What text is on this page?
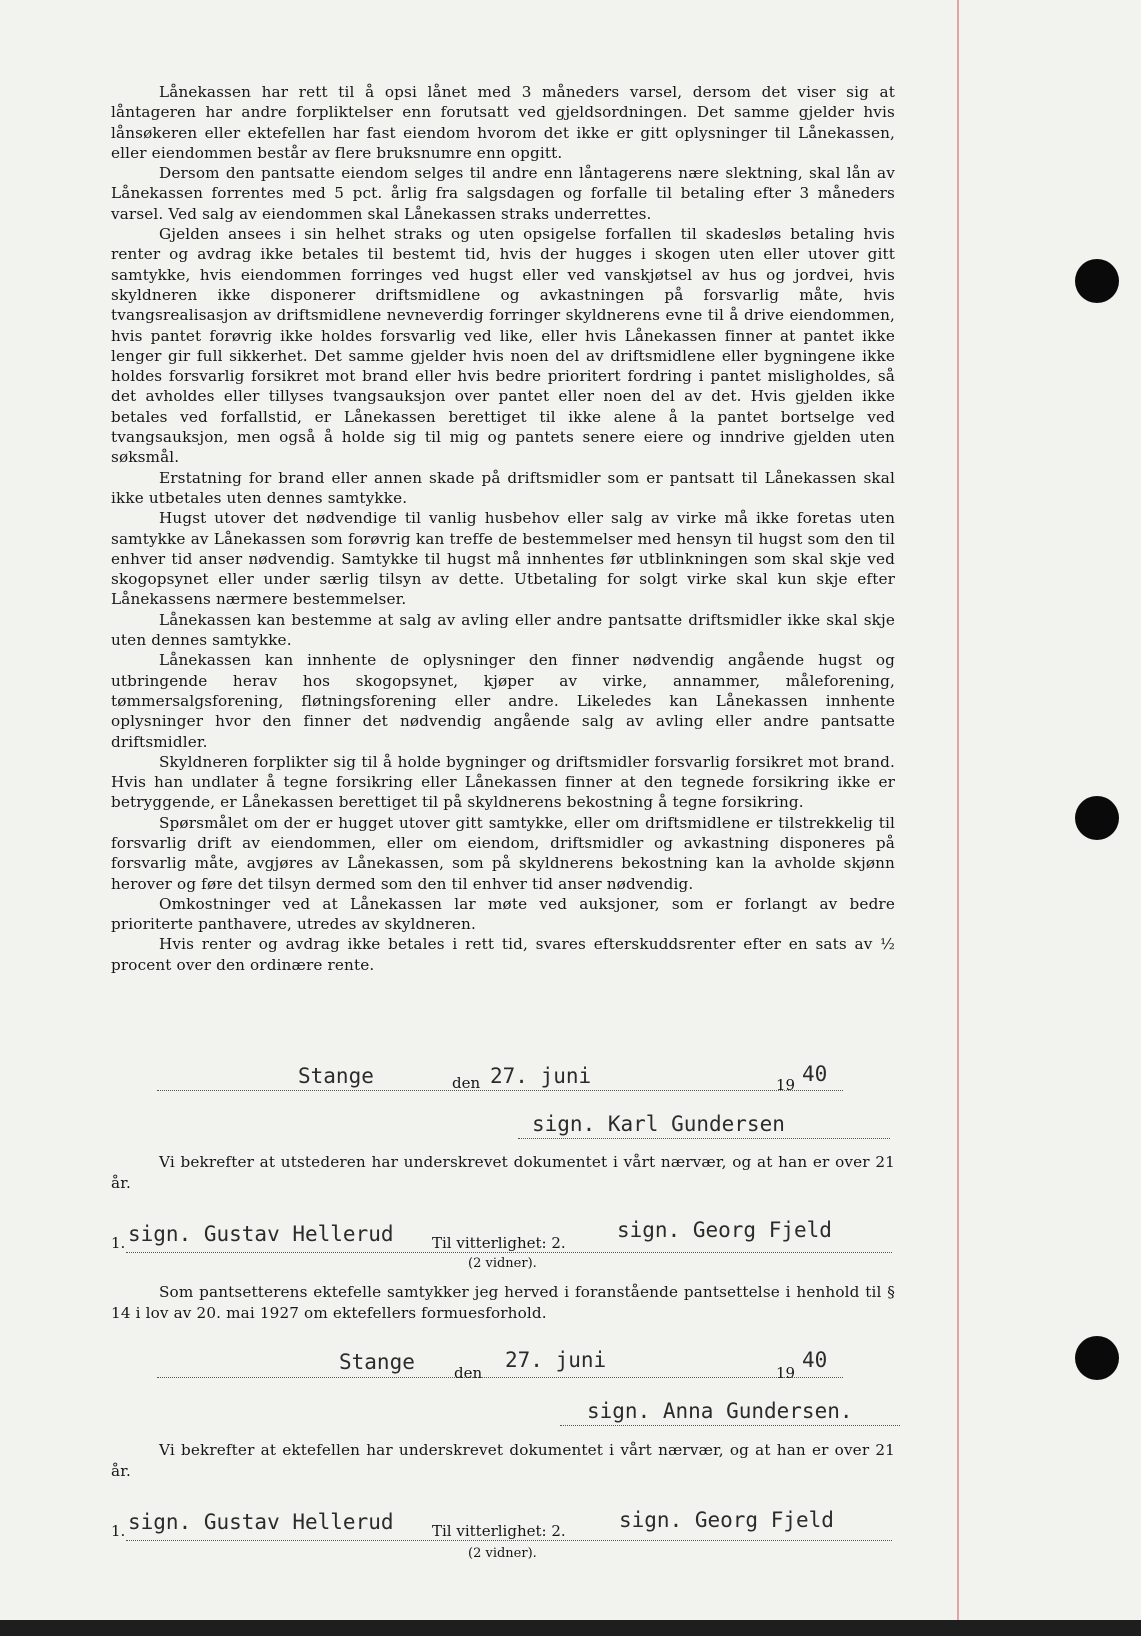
Lånekassen har rett til å opsi lånet med 3 måneders varsel, dersom det viser sig at låntageren har andre forpliktelser enn forutsatt ved gjeldsordningen. Det samme gjelder hvis lånsøkeren eller ektefellen har fast eiendom hvorom det ikke er gitt oplysninger til Lånekassen, eller eiendommen består av flere bruksnumre enn opgitt.

Dersom den pantsatte eiendom selges til andre enn låntagerens nære slektning, skal lån av Lånekassen forrentes med 5 pct. årlig fra salgsdagen og forfalle til betaling efter 3 måneders varsel. Ved salg av eiendommen skal Lånekassen straks underrettes.

Gjelden ansees i sin helhet straks og uten opsigelse forfallen til skadesløs betaling hvis renter og avdrag ikke betales til bestemt tid, hvis der hugges i skogen uten eller utover gitt samtykke, hvis eiendommen forringes ved hugst eller ved vanskjøtsel av hus og jordvei, hvis skyldneren ikke disponerer driftsmidlene og avkastningen på forsvarlig måte, hvis tvangsrealisasjon av driftsmidlene nevneverdig forringer skyldnerens evne til å drive eiendommen, hvis pantet forøvrig ikke holdes forsvarlig ved like, eller hvis Lånekassen finner at pantet ikke lenger gir full sikkerhet. Det samme gjelder hvis noen del av driftsmidlene eller bygningene ikke holdes forsvarlig forsikret mot brand eller hvis bedre prioritert fordring i pantet misligholdes, så det avholdes eller tillyses tvangsauksjon over pantet eller noen del av det. Hvis gjelden ikke betales ved forfallstid, er Lånekassen berettiget til ikke alene å la pantet bortselge ved tvangsauksjon, men også å holde sig til mig og pantets senere eiere og inndrive gjelden uten søksmål.

Erstatning for brand eller annen skade på driftsmidler som er pantsatt til Lånekassen skal ikke utbetales uten dennes samtykke.

Hugst utover det nødvendige til vanlig husbehov eller salg av virke må ikke foretas uten samtykke av Lånekassen som forøvrig kan treffe de bestemmelser med hensyn til hugst som den til enhver tid anser nødvendig. Samtykke til hugst må innhentes før utblinkningen som skal skje ved skogopsynet eller under særlig tilsyn av dette. Utbetaling for solgt virke skal kun skje efter Lånekassens nærmere bestemmelser.

Lånekassen kan bestemme at salg av avling eller andre pantsatte driftsmidler ikke skal skje uten dennes samtykke.

Lånekassen kan innhente de oplysninger den finner nødvendig angående hugst og utbringende herav hos skogopsynet, kjøper av virke, annammer, måleforening, tømmersalgsforening, fløtningsforening eller andre. Likeledes kan Lånekassen innhente oplysninger hvor den finner det nødvendig angående salg av avling eller andre pantsatte driftsmidler.

Skyldneren forplikter sig til å holde bygninger og driftsmidler forsvarlig forsikret mot brand. Hvis han undlater å tegne forsikring eller Lånekassen finner at den tegnede forsikring ikke er betryggende, er Lånekassen berettiget til på skyldnerens bekostning å tegne forsikring.

Spørsmålet om der er hugget utover gitt samtykke, eller om driftsmidlene er tilstrekkelig til forsvarlig drift av eiendommen, eller om eiendom, driftsmidler og avkastning disponeres på forsvarlig måte, avgjøres av Lånekassen, som på skyldnerens bekostning kan la avholde skjønn herover og føre det tilsyn dermed som den til enhver tid anser nødvendig.

Omkostninger ved at Lånekassen lar møte ved auksjoner, som er forlangt av bedre prioriterte panthavere, utredes av skyldneren.

Hvis renter og avdrag ikke betales i rett tid, svares efterskuddsrenter efter en sats av ½ procent over den ordinære rente.

Stange	den 27. juni	19 40
sign. Karl Gundersen

Vi bekrefter at utstederen har underskrevet dokumentet i vårt nærvær, og at han er over 21 år.

1. sign. Gustav Hellerud	Til vitterlighet: 2.
sign. Georg Fjeld
(2 vidner).

Som pantsetterens ektefelle samtykker jeg herved i foranstående pantsettelse i henhold til § 14 i lov av 20. mai 1927 om ektefellers formuesforhold.

Stange	den
27. juni
19
40
sign. Anna Gundersen.

Vi bekrefter at ektefellen har underskrevet dokumentet i vårt nærvær, og at han er over 21 år.

1. sign. Gustav Hellerud	Til vitterlighet: 2.	sign. Georg Fjeld
(2 vidner).
